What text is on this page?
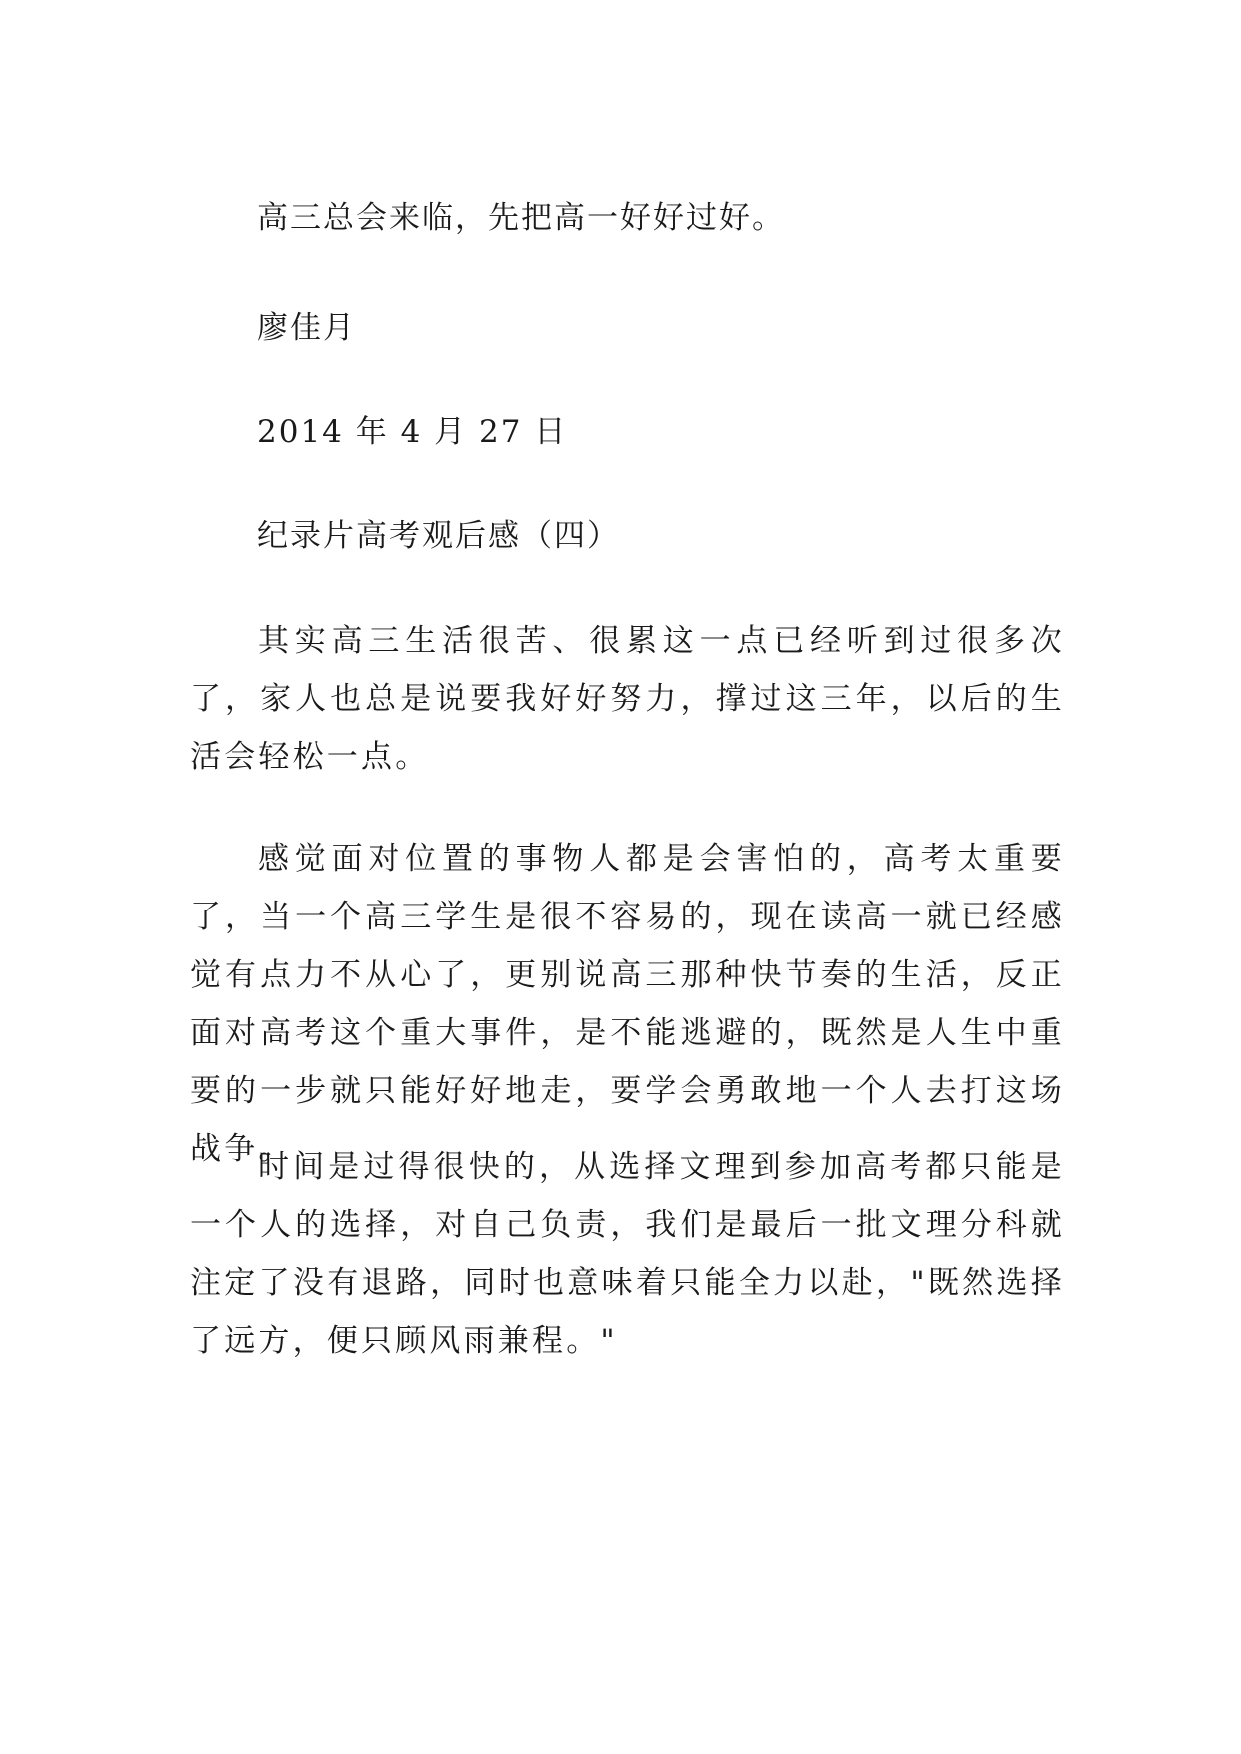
高三总会来临，先把高一好好过好。
廖佳月
2014 年 4 月 27 日
纪录片高考观后感（四）
其实高三生活很苦、很累这一点已经听到过很多次了，家人也总是说要我好好努力，撑过这三年，以后的生活会轻松一点。
感觉面对位置的事物人都是会害怕的，高考太重要了，当一个高三学生是很不容易的，现在读高一就已经感觉有点力不从心了，更别说高三那种快节奏的生活，反正面对高考这个重大事件，是不能逃避的，既然是人生中重要的一步就只能好好地走，要学会勇敢地一个人去打这场战争。
时间是过得很快的，从选择文理到参加高考都只能是一个人的选择，对自己负责，我们是最后一批文理分科就注定了没有退路，同时也意味着只能全力以赴，"既然选择了远方，便只顾风雨兼程。"
